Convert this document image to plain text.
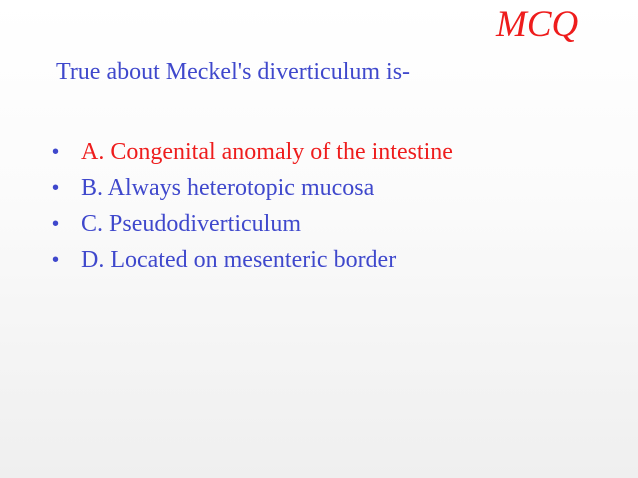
MCQ
True about Meckel's diverticulum is-
• A. Congenital anomaly of the intestine
• B. Always heterotopic mucosa
• C. Pseudodiverticulum
• D. Located on mesenteric border
